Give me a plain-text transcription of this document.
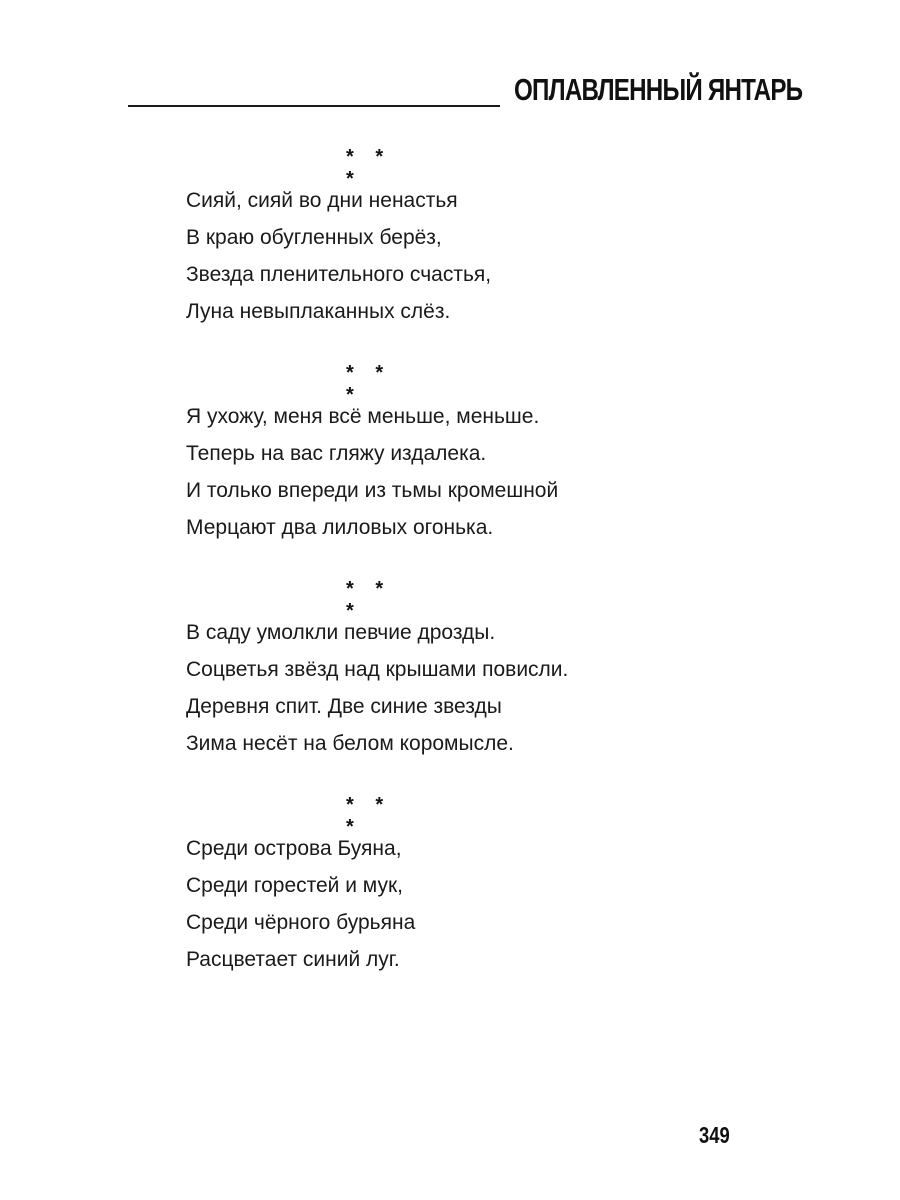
ОПЛАВЛЕННЫЙ ЯНТАРЬ
* * *
Сияй, сияй во дни ненастья
В краю обугленных берёз,
Звезда пленительного счастья,
Луна невыплаканных слёз.
* * *
Я ухожу, меня всё меньше, меньше.
Теперь на вас гляжу издалека.
И только впереди из тьмы кромешной
Мерцают два лиловых огонька.
* * *
В саду умолкли певчие дрозды.
Соцветья звёзд над крышами повисли.
Деревня спит. Две синие звезды
Зима несёт на белом коромысле.
* * *
Среди острова Буяна,
Среди горестей и мук,
Среди чёрного бурьяна
Расцветает синий луг.
349
